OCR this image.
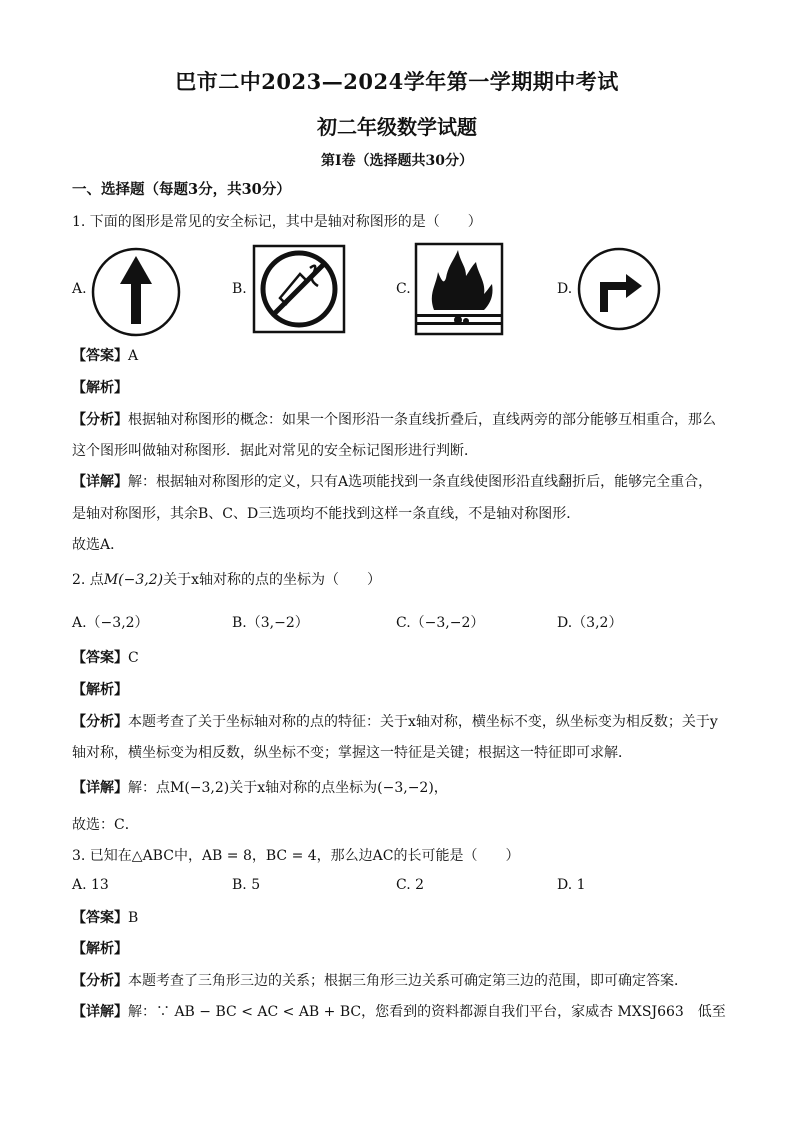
巴市二中2023—2024学年第一学期期中考试
初二年级数学试题
第Ⅰ卷（选择题共30分）
一、选择题（每题3分，共30分）
1. 下面的图形是常见的安全标记，其中是轴对称图形的是（　　）
A.	B.	C.	D.
【答案】A
【解析】
【分析】根据轴对称图形的概念：如果一个图形沿一条直线折叠后，直线两旁的部分能够互相重合，那么
这个图形叫做轴对称图形．据此对常见的安全标记图形进行判断．
【详解】解：根据轴对称图形的定义，只有A选项能找到一条直线使图形沿直线翻折后，能够完全重合，
是轴对称图形，其余B、C、D三选项均不能找到这样一条直线，不是轴对称图形．
故选A．
2. 点M(−3,2)关于x轴对称的点的坐标为（　　）
A.（−3,2）	B.（3,−2）	C.（−3,−2）	D.（3,2）
【答案】C
【解析】
【分析】本题考查了关于坐标轴对称的点的特征：关于x轴对称，横坐标不变，纵坐标变为相反数；关于y
轴对称，横坐标变为相反数，纵坐标不变；掌握这一特征是关键；根据这一特征即可求解．
【详解】解：点M(−3,2)关于x轴对称的点坐标为(−3,−2)，
故选：C．
3. 已知在△ABC中，AB = 8，BC = 4，那么边AC的长可能是（　　）
A. 13	B. 5	C. 2	D. 1
【答案】B
【解析】
【分析】本题考查了三角形三边的关系；根据三角形三边关系可确定第三边的范围，即可确定答案．
【详解】解：∵ AB − BC < AC < AB + BC，您看到的资料都源自我们平台，家威杏 MXSJ663　低至
